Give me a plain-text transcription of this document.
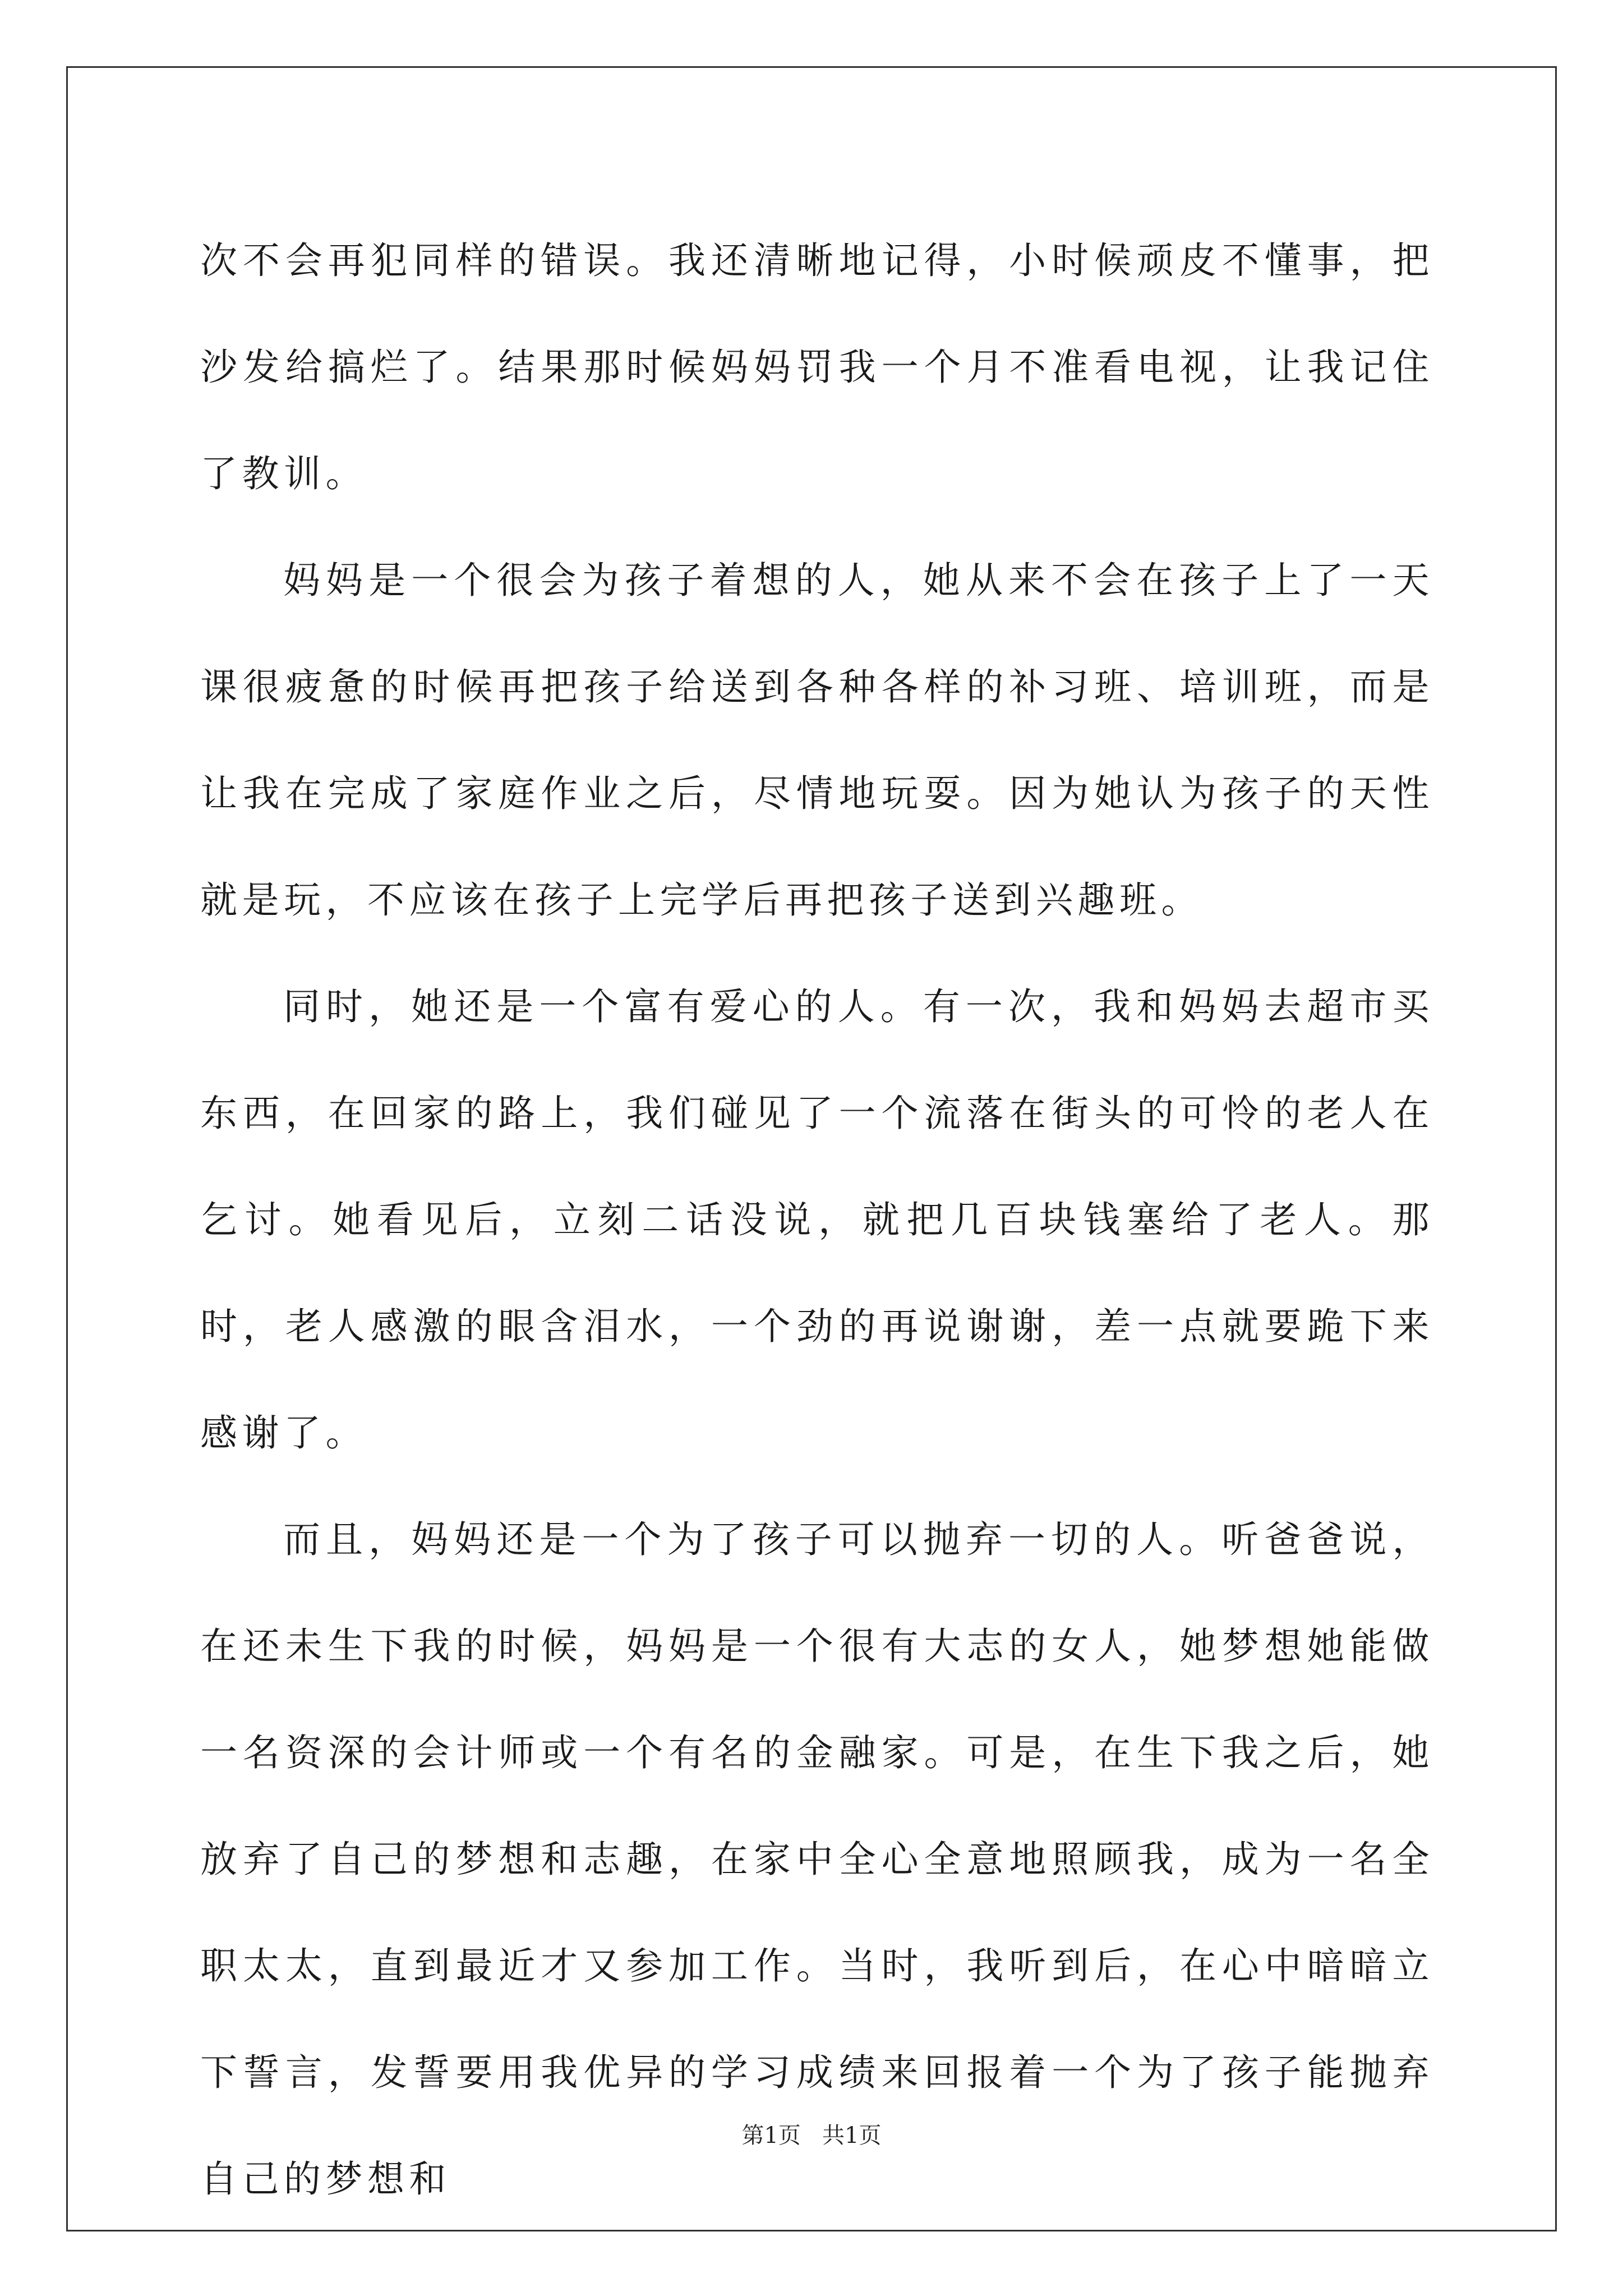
次不会再犯同样的错误。我还清晰地记得，小时候顽皮不懂事，把沙发给搞烂了。结果那时候妈妈罚我一个月不准看电视，让我记住了教训。

妈妈是一个很会为孩子着想的人，她从来不会在孩子上了一天课很疲惫的时候再把孩子给送到各种各样的补习班、培训班，而是让我在完成了家庭作业之后，尽情地玩耍。因为她认为孩子的天性就是玩，不应该在孩子上完学后再把孩子送到兴趣班。

同时，她还是一个富有爱心的人。有一次，我和妈妈去超市买东西，在回家的路上，我们碰见了一个流落在街头的可怜的老人在乞讨。她看见后，立刻二话没说，就把几百块钱塞给了老人。那时，老人感激的眼含泪水，一个劲的再说谢谢，差一点就要跪下来感谢了。

而且，妈妈还是一个为了孩子可以抛弃一切的人。听爸爸说，在还未生下我的时候，妈妈是一个很有大志的女人，她梦想她能做一名资深的会计师或一个有名的金融家。可是，在生下我之后，她放弃了自己的梦想和志趣，在家中全心全意地照顾我，成为一名全职太太，直到最近才又参加工作。当时，我听到后，在心中暗暗立下誓言，发誓要用我优异的学习成绩来回报着一个为了孩子能抛弃自己的梦想和

第1页   共1页
